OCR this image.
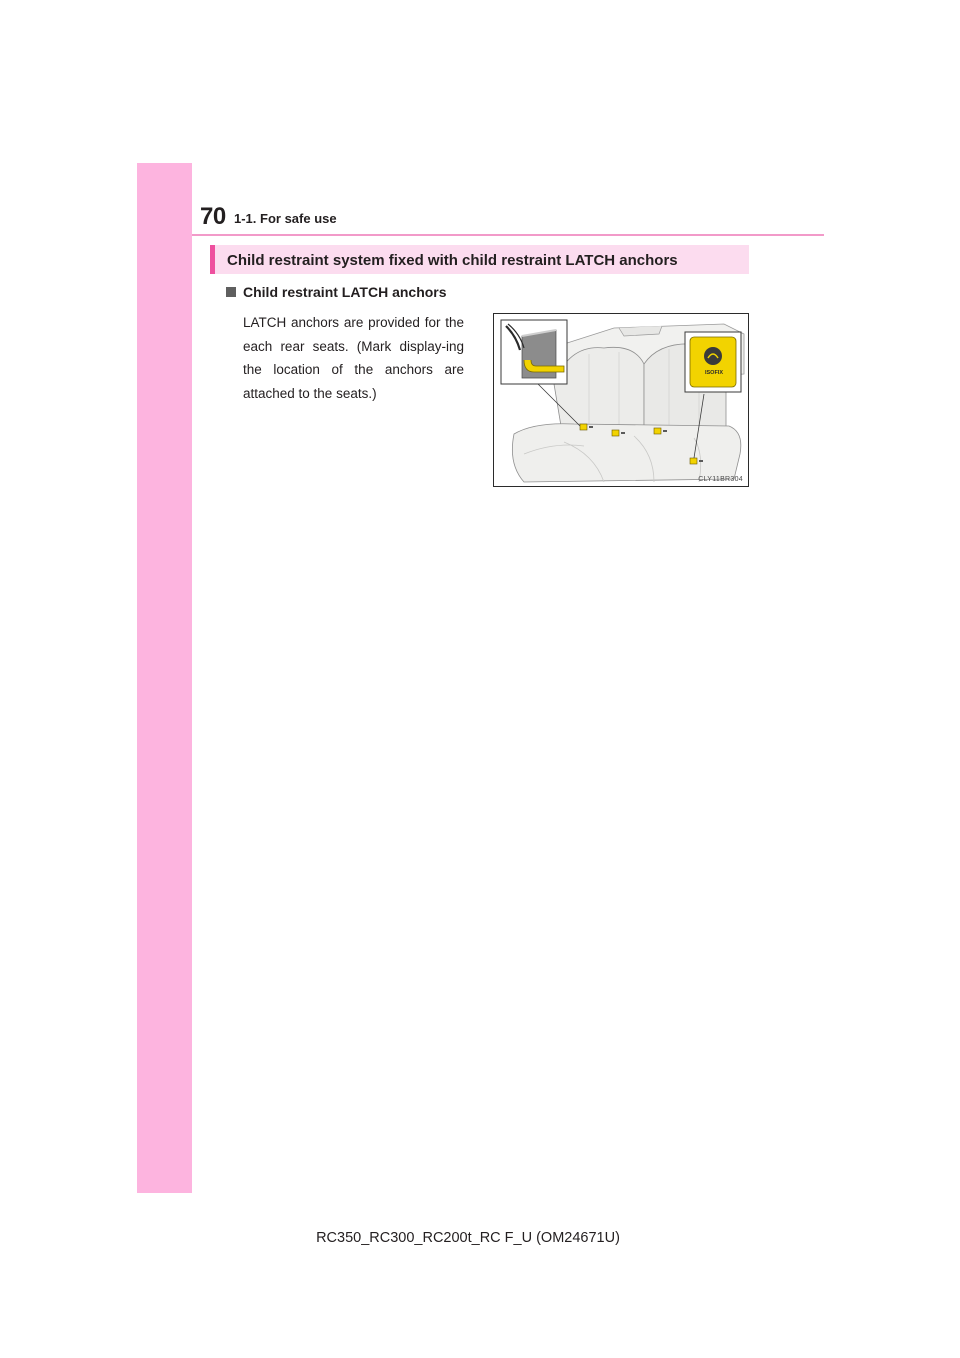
70 1-1. For safe use
Child restraint system fixed with child restraint LATCH anchors
Child restraint LATCH anchors
LATCH anchors are provided for the each rear seats. (Mark display-ing the location of the anchors are attached to the seats.)
ISOFIX
CLY11BR304
RC350_RC300_RC200t_RC F_U (OM24671U)
